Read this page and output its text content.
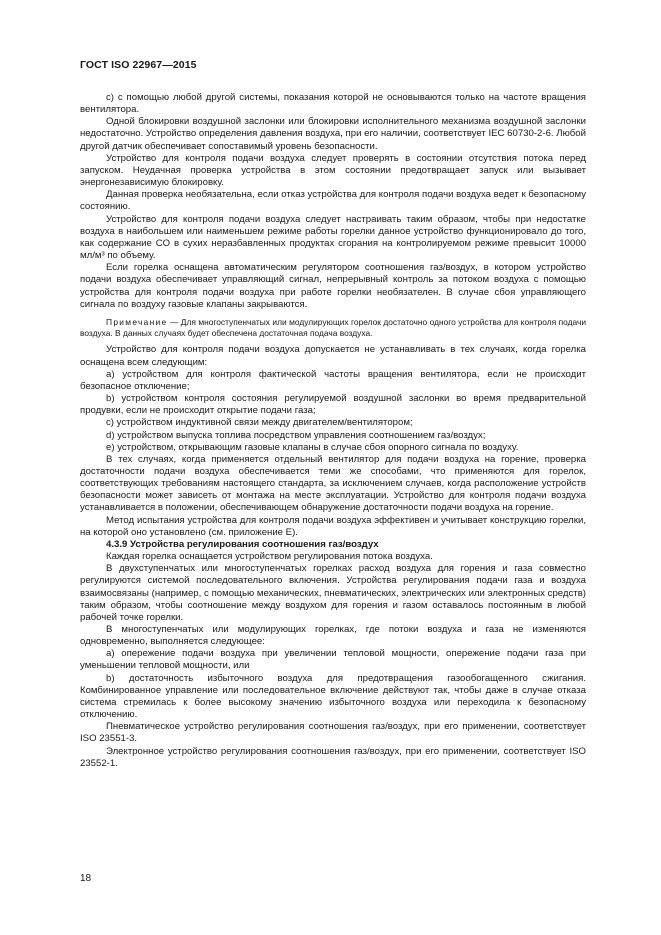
ГОСТ ISO 22967—2015

c) с помощью любой другой системы, показания которой не основываются только на частоте вращения вентилятора.

Одной блокировки воздушной заслонки или блокировки исполнительного механизма воздушной заслонки недостаточно. Устройство определения давления воздуха, при его наличии, соответствует IEC 60730-2-6. Любой другой датчик обеспечивает сопоставимый уровень безопасности.

Устройство для контроля подачи воздуха следует проверять в состоянии отсутствия потока перед запуском. Неудачная проверка устройства в этом состоянии предотвращает запуск или вызывает энергонезависимую блокировку.

Данная проверка необязательна, если отказ устройства для контроля подачи воздуха ведет к безопасному состоянию.

Устройство для контроля подачи воздуха следует настраивать таким образом, чтобы при недостатке воздуха в наибольшем или наименьшем режиме работы горелки данное устройство функционировало до того, как содержание CO в сухих неразбавленных продуктах сгорания на контролируемом режиме превысит 10000 мл/м³ по объему.

Если горелка оснащена автоматическим регулятором соотношения газ/воздух, в котором устройство подачи воздуха обеспечивает управляющий сигнал, непрерывный контроль за потоком воздуха с помощью устройства для контроля подачи воздуха при работе горелки необязателен. В случае сбоя управляющего сигнала по воздуху газовые клапаны закрываются.

Примечание — Для многоступенчатых или модулирующих горелок достаточно одного устройства для контроля подачи воздуха. В данных случаях будет обеспечена достаточная подача воздуха.

Устройство для контроля подачи воздуха допускается не устанавливать в тех случаях, когда горелка оснащена всем следующим:

a) устройством для контроля фактической частоты вращения вентилятора, если не происходит безопасное отключение;

b) устройством контроля состояния регулируемой воздушной заслонки во время предварительной продувки, если не происходит открытие подачи газа;

c) устройством индуктивной связи между двигателем/вентилятором;

d) устройством выпуска топлива посредством управления соотношением газ/воздух;

e) устройством, открывающим газовые клапаны в случае сбоя опорного сигнала по воздуху.

В тех случаях, когда применяется отдельный вентилятор для подачи воздуха на горение, проверка достаточности подачи воздуха обеспечивается теми же способами, что применяются для горелок, соответствующих требованиям настоящего стандарта, за исключением случаев, когда расположение устройств безопасности может зависеть от монтажа на месте эксплуатации. Устройство для контроля подачи воздуха устанавливается в положении, обеспечивающем обнаружение достаточности подачи воздуха на горение.

Метод испытания устройства для контроля подачи воздуха эффективен и учитывает конструкцию горелки, на которой оно установлено (см. приложение E).

4.3.9 Устройства регулирования соотношения газ/воздух

Каждая горелка оснащается устройством регулирования потока воздуха.

В двухступенчатых или многоступенчатых горелках расход воздуха для горения и газа совместно регулируются системой последовательного включения. Устройства регулирования подачи газа и воздуха взаимосвязаны (например, с помощью механических, пневматических, электрических или электронных средств) таким образом, чтобы соотношение между воздухом для горения и газом оставалось постоянным в любой рабочей точке горелки.

В многоступенчатых или модулирующих горелках, где потоки воздуха и газа не изменяются одновременно, выполняется следующее:

a) опережение подачи воздуха при увеличении тепловой мощности, опережение подачи газа при уменьшении тепловой мощности, или

b) достаточность избыточного воздуха для предотвращения газообогащенного сжигания. Комбинированное управление или последовательное включение действуют так, чтобы даже в случае отказа система стремилась к более высокому значению избыточного воздуха или переходила к безопасному отключению.

Пневматическое устройство регулирования соотношения газ/воздух, при его применении, соответствует ISO 23551-3.

Электронное устройство регулирования соотношения газ/воздух, при его применении, соответствует ISO 23552-1.

18
